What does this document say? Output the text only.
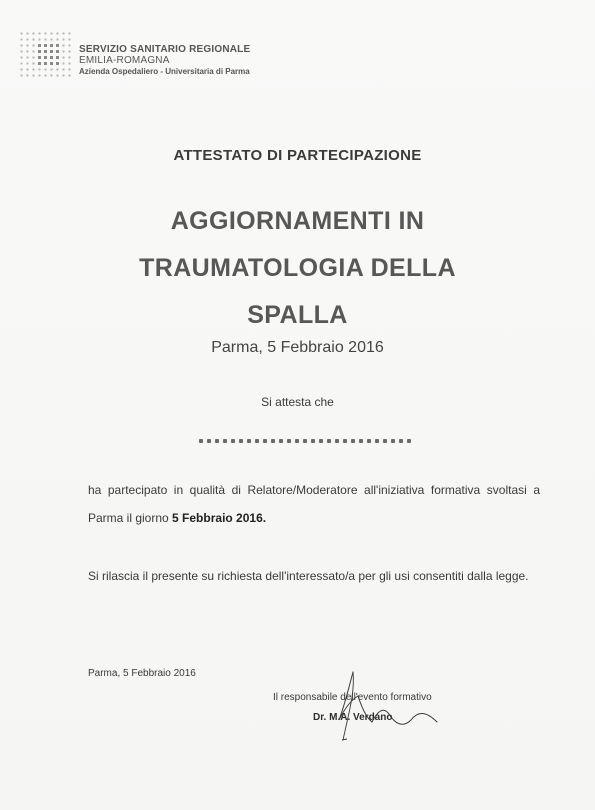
SERVIZIO SANITARIO REGIONALE
EMILIA-ROMAGNA
Azienda Ospedaliero - Universitaria di Parma
ATTESTATO DI PARTECIPAZIONE
AGGIORNAMENTI IN
TRAUMATOLOGIA DELLA
SPALLA
Parma, 5 Febbraio 2016
Si attesta che
ha partecipato in qualità di Relatore/Moderatore all'iniziativa formativa svoltasi a Parma il giorno 5 Febbraio 2016.
Si rilascia il presente su richiesta dell'interessato/a per gli usi consentiti dalla legge.
Parma, 5 Febbraio 2016
Il responsabile dell'evento formativo
Dr. M.A. Verdano
